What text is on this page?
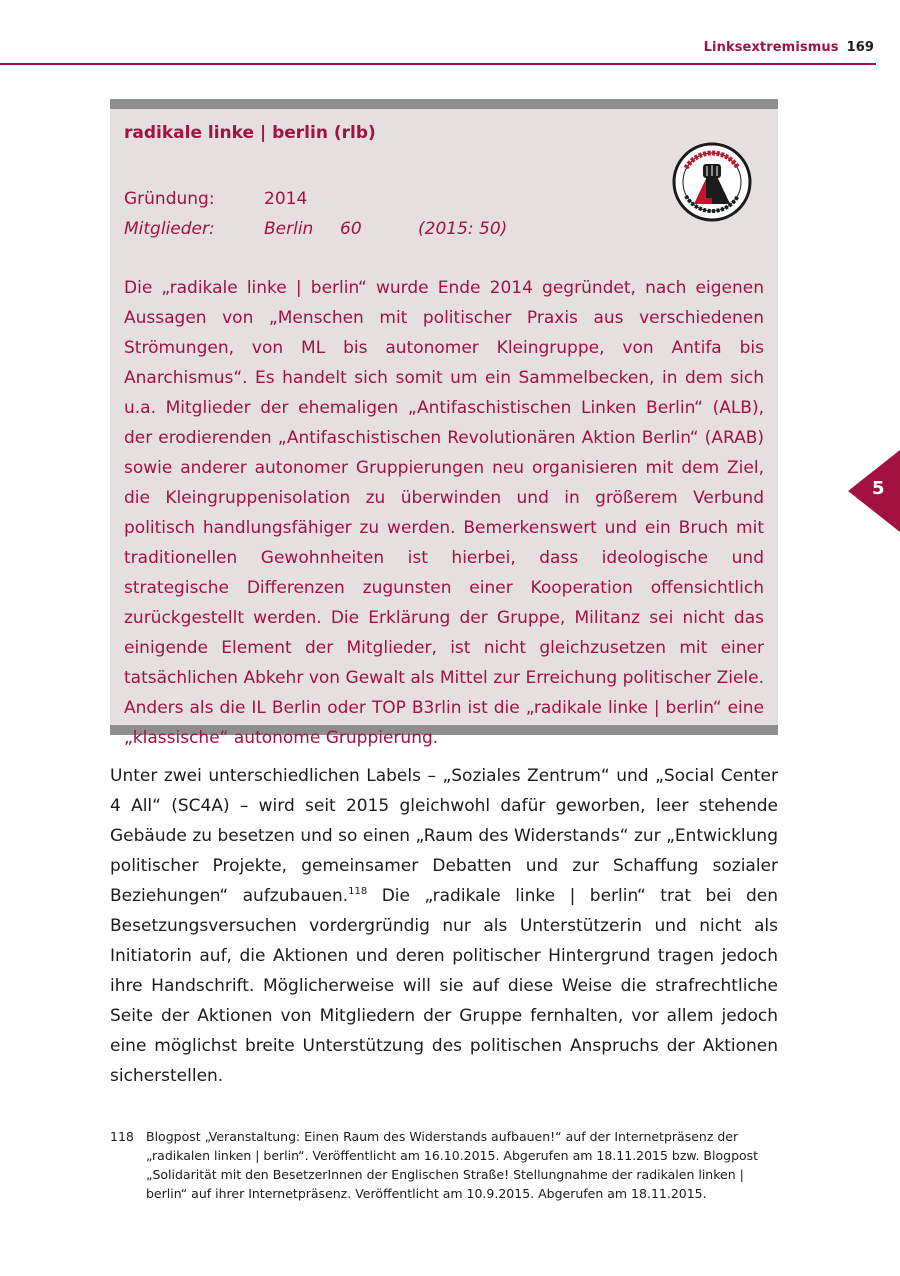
Linksextremismus 169
radikale linke | berlin (rlb)
Gründung:	2014
Mitglieder:	Berlin 60	(2015: 50)
Die „radikale linke | berlin“ wurde Ende 2014 gegründet, nach eigenen Aussagen von „Menschen mit politischer Praxis aus verschiedenen Strömungen, von ML bis autonomer Kleingruppe, von Antifa bis Anarchismus“. Es handelt sich somit um ein Sammelbecken, in dem sich u.a. Mitglieder der ehemaligen „Antifaschistischen Linken Berlin“ (ALB), der erodierenden „Antifaschistischen Revolutionären Aktion Berlin“ (ARAB) sowie anderer autonomer Gruppierungen neu organisieren mit dem Ziel, die Kleingruppenisolation zu überwinden und in größerem Verbund politisch handlungsfähiger zu werden. Bemerkenswert und ein Bruch mit traditionellen Gewohnheiten ist hierbei, dass ideologische und strategische Differenzen zugunsten einer Kooperation offensichtlich zurückgestellt werden. Die Erklärung der Gruppe, Militanz sei nicht das einigende Element der Mitglieder, ist nicht gleichzusetzen mit einer tatsächlichen Abkehr von Gewalt als Mittel zur Erreichung politischer Ziele. Anders als die IL Berlin oder TOP B3rlin ist die „radikale linke | berlin“ eine „klassische“ autonome Gruppierung.
Unter zwei unterschiedlichen Labels – „Soziales Zentrum“ und „Social Center 4 All“ (SC4A) – wird seit 2015 gleichwohl dafür geworben, leer stehende Gebäude zu besetzen und so einen „Raum des Widerstands“ zur „Entwicklung politischer Projekte, gemeinsamer Debatten und zur Schaffung sozialer Beziehungen“ aufzubauen.$^{118}$ Die „radikale linke | berlin“ trat bei den Besetzungsversuchen vordergründig nur als Unterstützerin und nicht als Initiatorin auf, die Aktionen und deren politischer Hintergrund tragen jedoch ihre Handschrift. Möglicherweise will sie auf diese Weise die strafrechtliche Seite der Aktionen von Mitgliedern der Gruppe fernhalten, vor allem jedoch eine möglichst breite Unterstützung des politischen Anspruchs der Aktionen sicherstellen.
118 Blogpost „Veranstaltung: Einen Raum des Widerstands aufbauen!“ auf der Internetpräsenz der „radikalen linken | berlin“. Veröffentlicht am 16.10.2015. Abgerufen am 18.11.2015 bzw. Blogpost „Solidarität mit den BesetzerInnen der Englischen Straße! Stellungnahme der radikalen linken | berlin“ auf ihrer Internetpräsenz. Veröffentlicht am 10.9.2015. Abgerufen am 18.11.2015.
5
